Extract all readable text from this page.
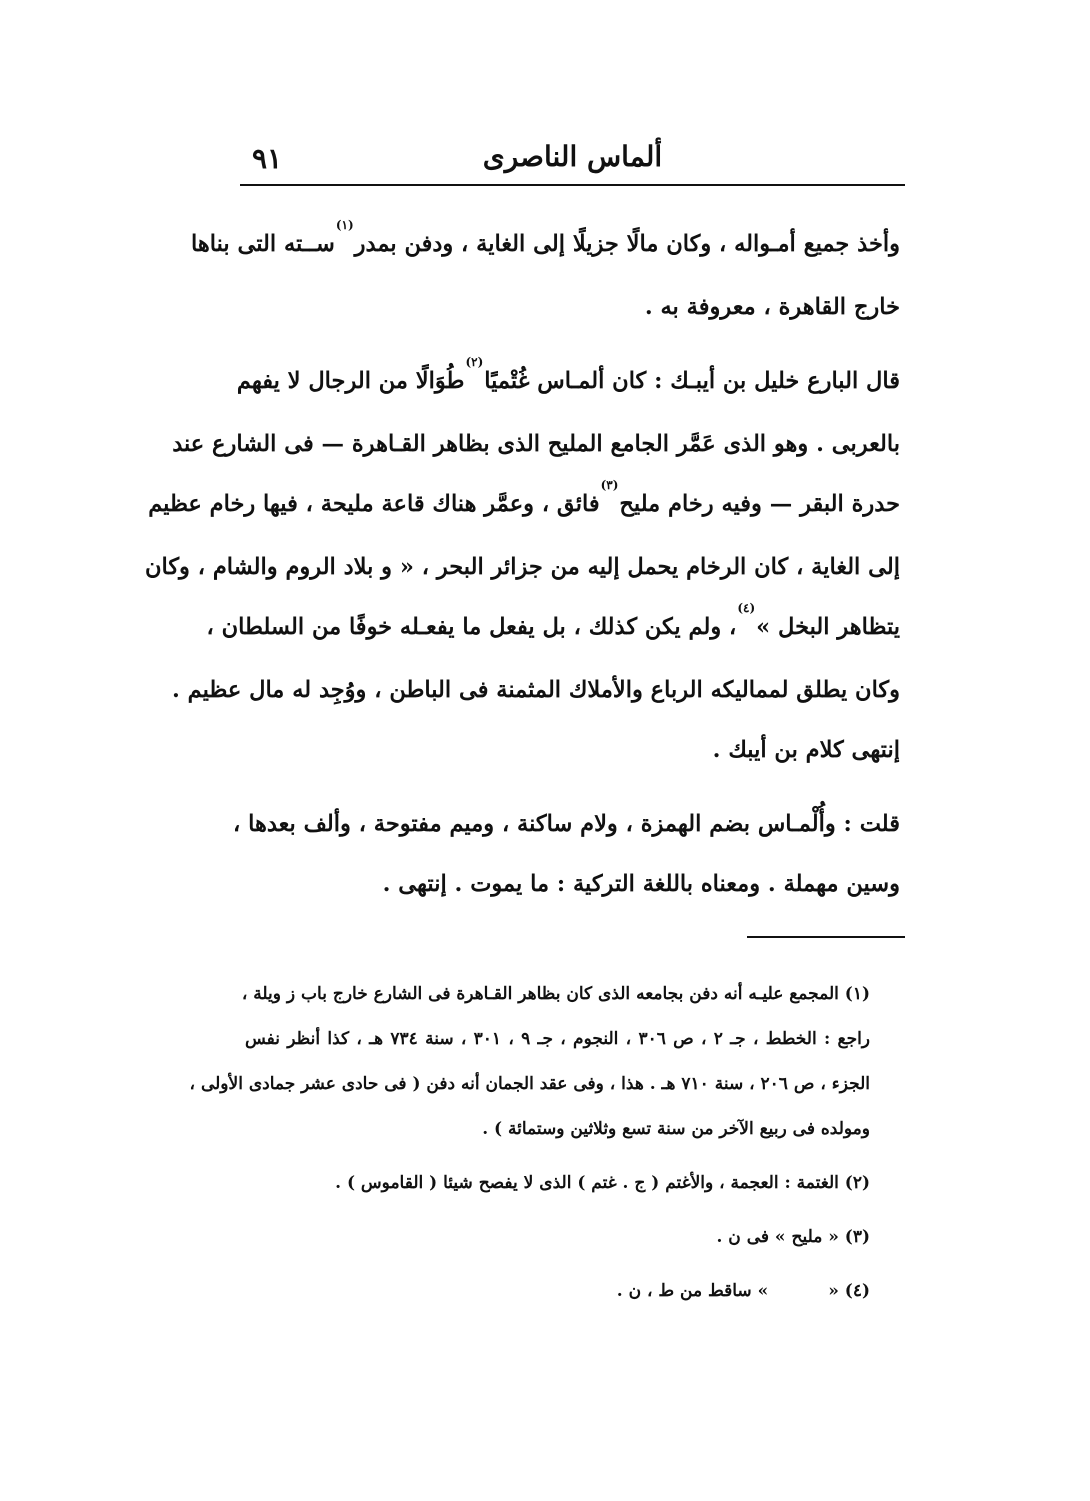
٩١	ألماس الناصرى

وأخذ جميع أمـواله ، وكان مالًا جزيلًا إلى الغاية ، ودفن بمدر$^{(١)}$ســته التى بناها
خارج القاهرة ، معروفة به .

قال البارع خليل بن أيبـك : كان ألمـاس غُتْميًا$^{(٢)}$طُوَالًا من الرجال لا يفهم
بالعربى . وهو الذى عَمَّر الجامع المليح الذى بظاهر القـاهرة — فى الشارع عند
حدرة البقر — وفيه رخام مليح$^{(٣)}$فائق ، وعمَّر هناك قاعة مليحة ، فيها رخام عظيم
إلى الغاية ، كان الرخام يحمل إليه من جزائر البحر ، « و بلاد الروم والشام ، وكان
يتظاهر البخل »$^{(٤)}$، ولم يكن كذلك ، بل يفعل ما يفعـله خوفًا من السلطان ،
وكان يطلق لمماليكه الرباع والأملاك المثمنة فى الباطن ، ووُجِد له مال عظيم .
إنتهى كلام بن أيبك .

قلت : وأُلْمـاس بضم الهمزة ، ولام ساكنة ، وميم مفتوحة ، وألف بعدها ،
وسين مهملة . ومعناه باللغة التركية : ما يموت . إنتهى .

(١) المجمع عليـه أنه دفن بجامعه الذى كان بظاهر القـاهرة فى الشارع خارج باب ز ويلة ،
راجع : الخطط ، جـ ٢ ، ص ٣٠٦ ، النجوم ، جـ ٩ ، ٣٠١ ، سنة ٧٣٤ هـ ، كذا أنظر نفس
الجزء ، ص ٢٠٦ ، سنة ٧١٠ هـ . هذا ، وفى عقد الجمان أنه دفن ( فى حادى عشر جمادى الأولى ،
ومولده فى ربيع الآخر من سنة تسع وثلاثين وستمائة ) .

(٢) الغتمة : العجمة ، والأغتم ( ج . غتم ) الذى لا يفصح شيئا ( القاموس ) .

(٣) « مليح » فى ن .

(٤) «» ساقط من ط ، ن .
